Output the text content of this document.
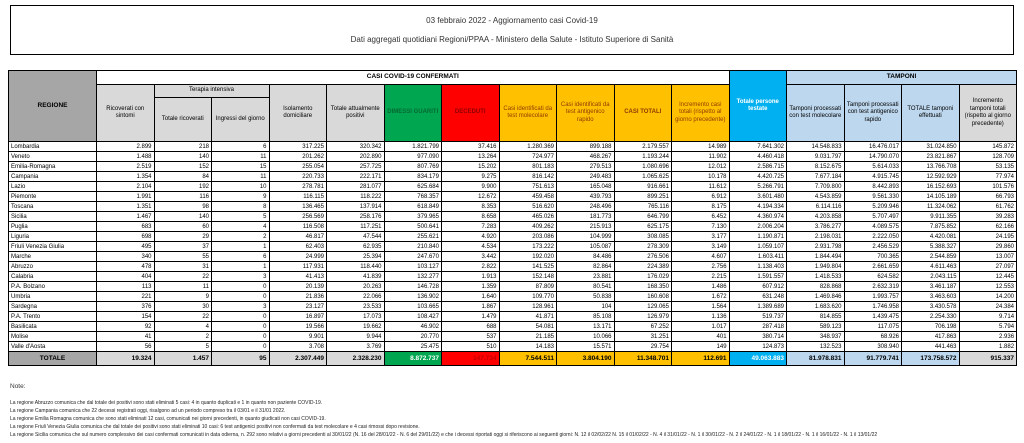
03 febbraio 2022 - Aggiornamento casi Covid-19
Dati aggregati quotidiani Regioni/PPAA - Ministero della Salute - Istituto Superiore di Sanità
REGIONE	CASI COVID-19 CONFERMATI											Totale persone testate	TAMPONI			
	Ricoverati con sintomi	Terapia intensiva		Isolamento domiciliare	Totale attualmente positivi	DIMESSI GUARITI	DECEDUTI	Casi identificati da test molecolare	Casi identificati da test antigenico rapido	CASI TOTALI	Incremento casi totali (rispetto al giorno precedente)		Tamponi processati con test molecolare	Tamponi processati con test antigenico rapido	TOTALE tamponi effettuati	Incremento tamponi totali (rispetto al giorno precedente)
		Totale ricoverati	Ingressi del giorno													
Lombardia	2.899	218	6	317.225	320.342	1.821.799	37.416	1.280.369	899.188	2.179.557	14.989	7.641.302	14.548.833	16.476.017	31.024.850	145.872
Veneto	1.488	140	11	201.262	202.890	977.090	13.264	724.977	468.267	1.193.244	11.902	4.460.418	9.031.797	14.790.070	23.821.867	128.709
Emilia-Romagna	2.519	152	15	255.054	257.725	807.769	15.202	801.183	279.513	1.080.696	12.012	2.586.715	8.152.675	5.614.033	13.766.708	53.135
Campania	1.354	84	11	220.733	222.171	834.179	9.275	816.142	249.483	1.065.625	10.178	4.420.725	7.677.184	4.915.745	12.592.929	77.974
Lazio	2.104	192	10	278.781	281.077	625.684	9.900	751.613	165.048	916.661	11.612	5.266.791	7.709.800	8.442.893	16.152.693	101.576
Piemonte	1.991	116	9	116.115	118.222	768.357	12.672	459.458	439.793	899.251	6.912	3.601.480	4.543.859	9.561.330	14.105.189	66.793
Toscana	1.351	98	8	136.465	137.914	618.849	8.353	516.620	248.496	765.116	8.175	4.194.334	6.114.116	5.209.946	11.324.062	61.762
Sicilia	1.467	140	5	256.569	258.176	379.965	8.658	465.026	181.773	646.799	6.452	4.360.974	4.203.858	5.707.497	9.911.355	39.283
Puglia	683	60	4	116.508	117.251	500.641	7.283	409.262	215.913	625.175	7.130	2.006.204	3.786.277	4.089.575	7.875.852	62.166
Liguria	698	29	2	46.817	47.544	255.621	4.920	203.086	104.999	308.085	3.177	1.190.871	2.198.031	2.222.050	4.420.081	24.195
Friuli Venezia Giulia	495	37	1	62.403	62.935	210.840	4.534	173.222	105.087	278.309	3.149	1.059.107	2.931.798	2.456.529	5.388.327	29.860
Marche	340	55	6	24.999	25.394	247.670	3.442	192.020	84.486	276.506	4.607	1.603.411	1.844.494	700.365	2.544.859	13.007
Abruzzo	478	31	1	117.931	118.440	103.127	2.822	141.525	82.864	224.389	2.756	1.138.403	1.949.804	2.661.659	4.611.463	27.097
Calabria	404	22	3	41.413	41.839	132.277	1.913	152.148	23.881	176.029	2.215	1.591.557	1.418.533	624.582	2.043.115	12.445
P.A. Bolzano	113	11	0	20.139	20.263	146.728	1.359	87.809	80.541	168.350	1.486	607.912	828.868	2.632.319	3.461.187	12.553
Umbria	221	9	0	21.836	22.066	136.902	1.640	109.770	50.838	160.608	1.672	631.248	1.469.846	1.993.757	3.463.603	14.200
Sardegna	376	30	3	23.127	23.533	103.665	1.867	128.961	104	129.065	1.564	1.389.689	1.683.620	1.746.958	3.430.578	24.384
P.A. Trento	154	22	0	16.897	17.073	108.427	1.479	41.871	85.108	126.979	1.136	519.737	814.855	1.439.475	2.254.330	9.714
Basilicata	92	4	0	19.566	19.662	46.902	688	54.081	13.171	67.252	1.017	287.418	589.123	117.075	706.198	5.794
Molise	41	2	0	9.901	9.944	20.770	537	21.185	10.066	31.251	401	380.714	348.937	68.926	417.863	2.936
Valle d'Aosta	56	5	0	3.708	3.769	25.475	510	14.183	15.571	29.754	149	124.873	132.523	308.940	441.463	1.882
TOTALE	19.324	1.457	95	2.307.449	2.328.230	8.872.737	147.734	7.544.511	3.804.190	11.348.701	112.691	49.063.883	81.978.831	91.779.741	173.758.572	915.337
Note:
La regione Abruzzo comunica che dal totale dei positivi sono stati eliminati 5 casi: 4 in quanto duplicati e 1 in quanto non paziente COVID-19.
La regione Campania comunica che 22 decessi registrati oggi, risalgono ad un periodo compreso tra il 03/01 e il 31/01 2022.
La regione Emilia Romagna comunica che sono stati eliminati 12 casi, comunicati nei giorni precedenti, in quanto giudicati non casi COVID-19.
La regione Friuli Venezia Giulia comunica che dal totale dei positivi sono stati eliminati 10 casi: 6 test antigenici positivi non confermati da test molecolare e 4 casi rimossi dopo revisione.
La regione Sicilia comunica che sul numero complessivo dei casi confermati comunicati in data odierna, n. 292 sono relativi a giorni precedenti al 30/01/22 (N. 16 del 28/01/22 - N. 6 del 29/01/22) e che i decessi riportati oggi si riferiscono ai seguenti giorni: N. 12 il 02/02/22 N. 15 il 01/02/22 - N. 4 il 31/01/22 - N. 1 il 30/01/22 - N. 2 il 24/01/22 - N. 1 il 18/01/22 - N. 1 il 16/01/22 - N. 1 il 13/01/22
